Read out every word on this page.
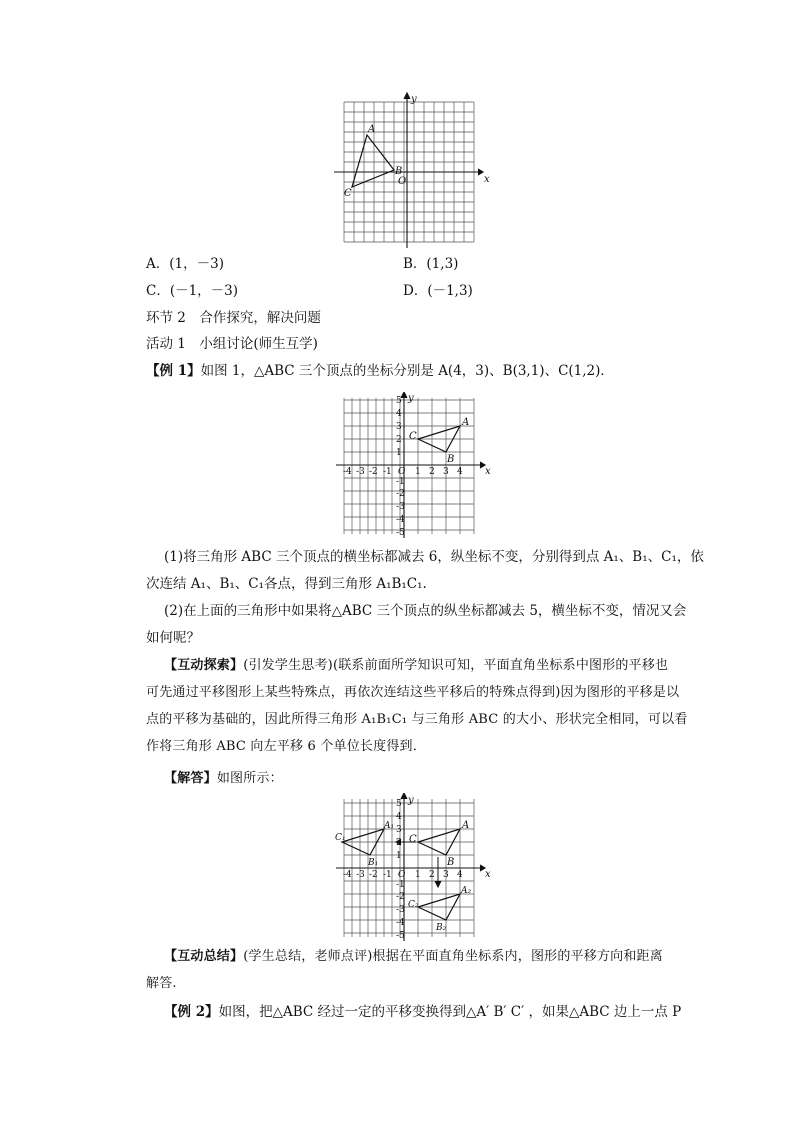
x
y
O
A
B
C
A．(1，－3)	B．(1,3)
C．(－1，－3)	D．(－1,3)
环节 2　合作探究，解决问题
活动 1　小组讨论(师生互学)
【例 1】如图 1，△ABC 三个顶点的坐标分别是 A(4，3)、B(3,1)、C(1,2)．
-4 -3 -2 -1	1 2 3 4
5
4
3
2
1
-1
-2
-3
-4
-5
O	x
y
A
B
C
(1)将三角形 ABC 三个顶点的横坐标都减去 6，纵坐标不变，分别得到点 A₁、B₁、C₁，依
次连结 A₁、B₁、C₁各点，得到三角形 A₁B₁C₁.
(2)在上面的三角形中如果将△ABC 三个顶点的纵坐标都减去 5，横坐标不变，情况又会
如何呢？
【互动探索】(引发学生思考)(联系前面所学知识可知，平面直角坐标系中图形的平移也
可先通过平移图形上某些特殊点，再依次连结这些平移后的特殊点得到)因为图形的平移是以
点的平移为基础的，因此所得三角形 A₁B₁C₁ 与三角形 ABC 的大小、形状完全相同，可以看
作将三角形 ABC 向左平移 6 个单位长度得到．
【解答】如图所示：
-4 -3 -2 -1	1 2 3 4
5
4
3
2
1
-1
-2
-3
-4
-5
O	x
y
A
B
C
A₁
B₁
C₁
A₂
B₂
C₂
【互动总结】(学生总结，老师点评)根据在平面直角坐标系内，图形的平移方向和距离
解答.
【例 2】如图，把△ABC 经过一定的平移变换得到△A′ B′ C′ ，如果△ABC 边上一点 P
